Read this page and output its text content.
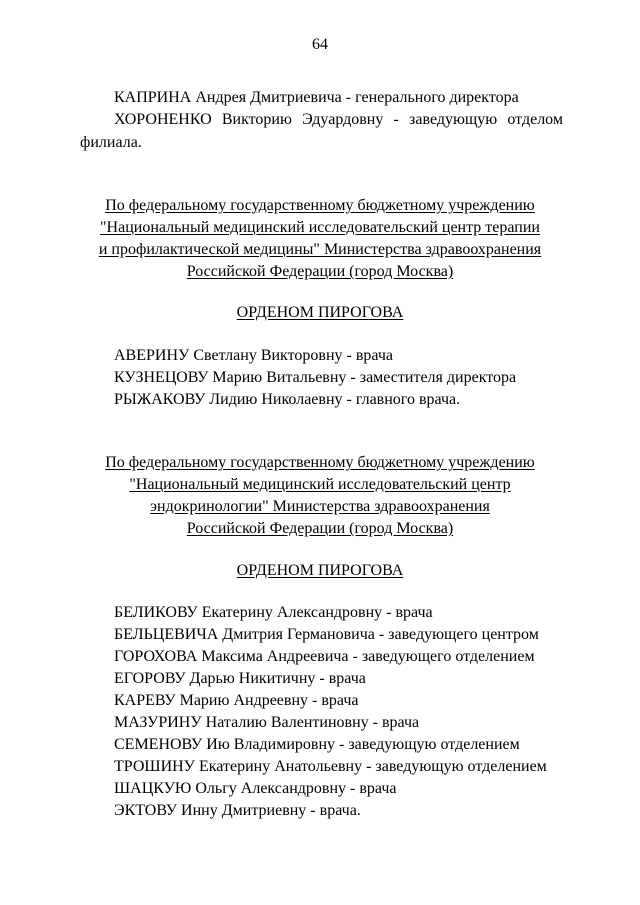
64
КАПРИНА Андрея Дмитриевича - генерального директора
ХОРОНЕНКО Викторию Эдуардовну - заведующую отделом
филиала.
По федеральному государственному бюджетному учреждению
"Национальный медицинский исследовательский центр терапии
и профилактической медицины" Министерства здравоохранения
Российской Федерации (город Москва)
ОРДЕНОМ ПИРОГОВА
АВЕРИНУ Светлану Викторовну - врача
КУЗНЕЦОВУ Марию Витальевну - заместителя директора
РЫЖАКОВУ Лидию Николаевну - главного врача.
По федеральному государственному бюджетному учреждению
"Национальный медицинский исследовательский центр
эндокринологии" Министерства здравоохранения
Российской Федерации (город Москва)
ОРДЕНОМ ПИРОГОВА
БЕЛИКОВУ Екатерину Александровну - врача
БЕЛЬЦЕВИЧА Дмитрия Германовича - заведующего центром
ГОРОХОВА Максима Андреевича - заведующего отделением
ЕГОРОВУ Дарью Никитичну - врача
КАРЕВУ Марию Андреевну - врача
МАЗУРИНУ Наталию Валентиновну - врача
СЕМЕНОВУ Ию Владимировну - заведующую отделением
ТРОШИНУ Екатерину Анатольевну - заведующую отделением
ШАЦКУЮ Ольгу Александровну - врача
ЭКТОВУ Инну Дмитриевну - врача.
